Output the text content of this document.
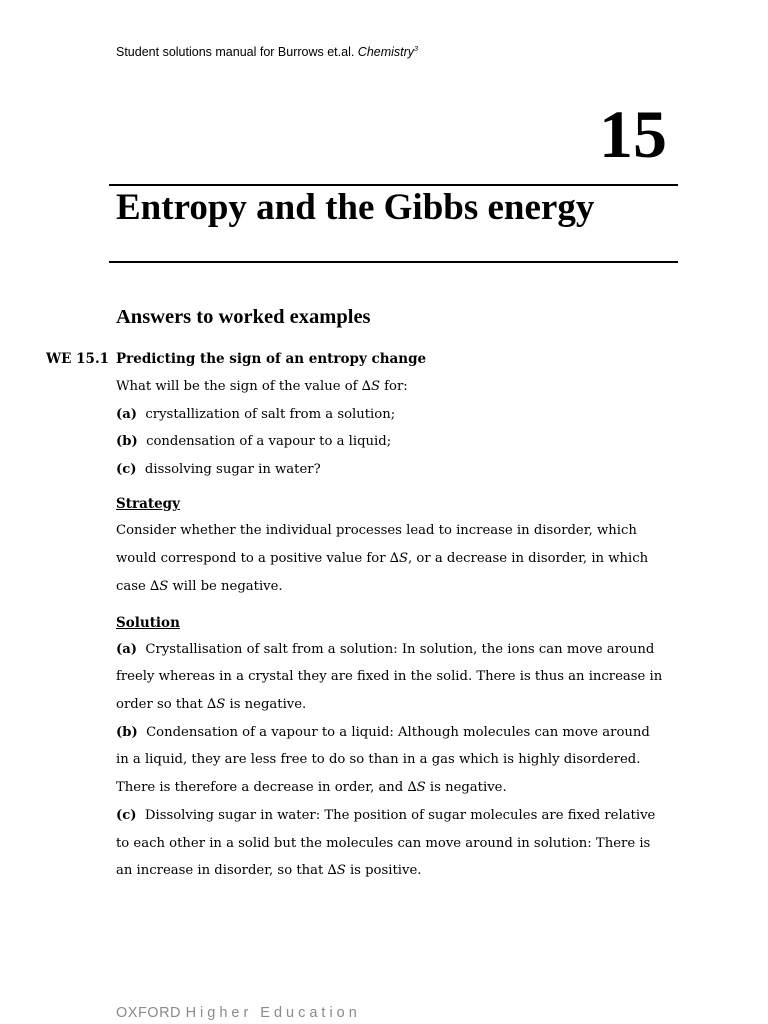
Student solutions manual for Burrows et.al. Chemistry$^3$
15
Entropy and the Gibbs energy
Answers to worked examples
WE 15.1 Predicting the sign of an entropy change
What will be the sign of the value of ∆S for:
(a) crystallization of salt from a solution;
(b) condensation of a vapour to a liquid;
(c) dissolving sugar in water?
Strategy
Consider whether the individual processes lead to increase in disorder, which
would correspond to a positive value for ∆S, or a decrease in disorder, in which
case ∆S will be negative.
Solution
(a) Crystallisation of salt from a solution: In solution, the ions can move around
freely whereas in a crystal they are fixed in the solid. There is thus an increase in
order so that ∆S is negative.
(b) Condensation of a vapour to a liquid: Although molecules can move around
in a liquid, they are less free to do so than in a gas which is highly disordered.
There is therefore a decrease in order, and ∆S is negative.
(c) Dissolving sugar in water: The position of sugar molecules are fixed relative
to each other in a solid but the molecules can move around in solution: There is
an increase in disorder, so that ∆S is positive.
OXFORD Higher Education
